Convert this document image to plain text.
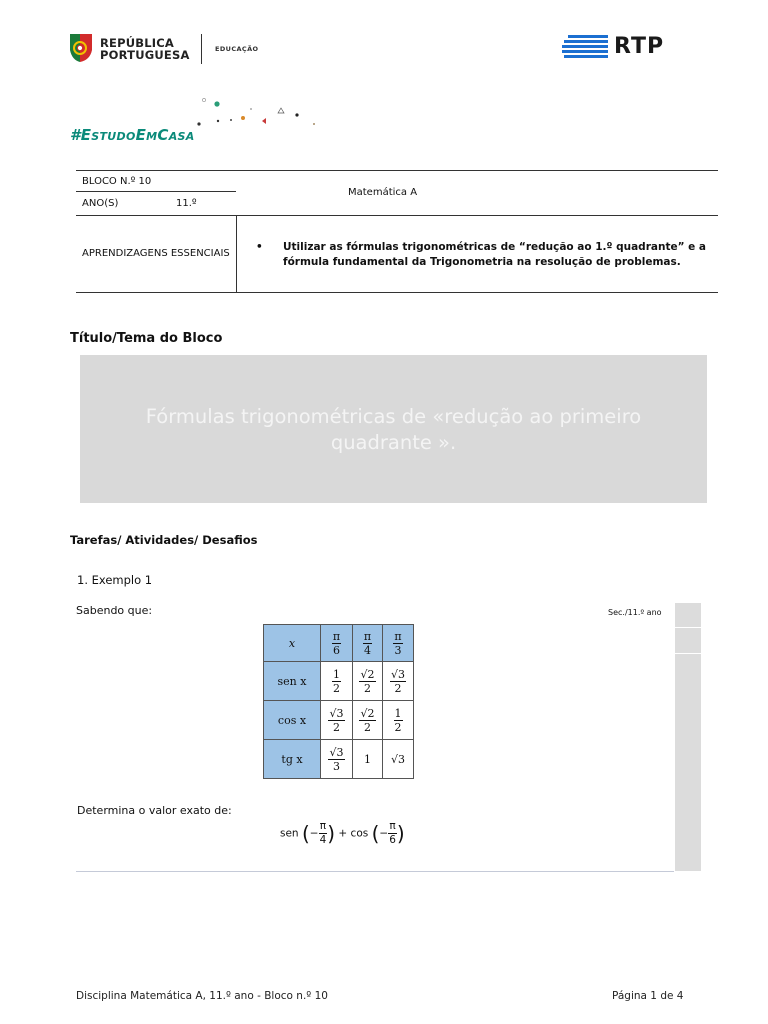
REPÚBLICA
PORTUGUESA	EDUCAÇÃO	RTP
#EstudoEmCasa
BLOCO N.º 10
Matemática A
ANO(S)	11.º
APRENDIZAGENS ESSENCIAIS
• Utilizar as fórmulas trigonométricas de “redução ao 1.º quadrante” e a fórmula fundamental da Trigonometria na resolução de problemas.
Título/Tema do Bloco
Fórmulas trigonométricas de «redução ao primeiro quadrante ».
Tarefas/ Atividades/ Desafios
1. Exemplo 1
Sabendo que:	Sec./11.º ano
x	$\frac{\pi}{6}$	$\frac{\pi}{4}$	$\frac{\pi}{3}$

sen x	$\frac{1}{2}$	$\frac{√2}{2}$	$\frac{√3}{2}$

cos x	$\frac{√3}{2}$	$\frac{√2}{2}$	$\frac{1}{2}$

tg x	$\frac{√3}{3}$	1	√3
Determina o valor exato de:
sen (− $\frac{\pi}{4}$ ) + cos (− $\frac{\pi}{6}$ )
Disciplina Matemática A, 11.º ano - Bloco n.º 10	Página 1 de 4
